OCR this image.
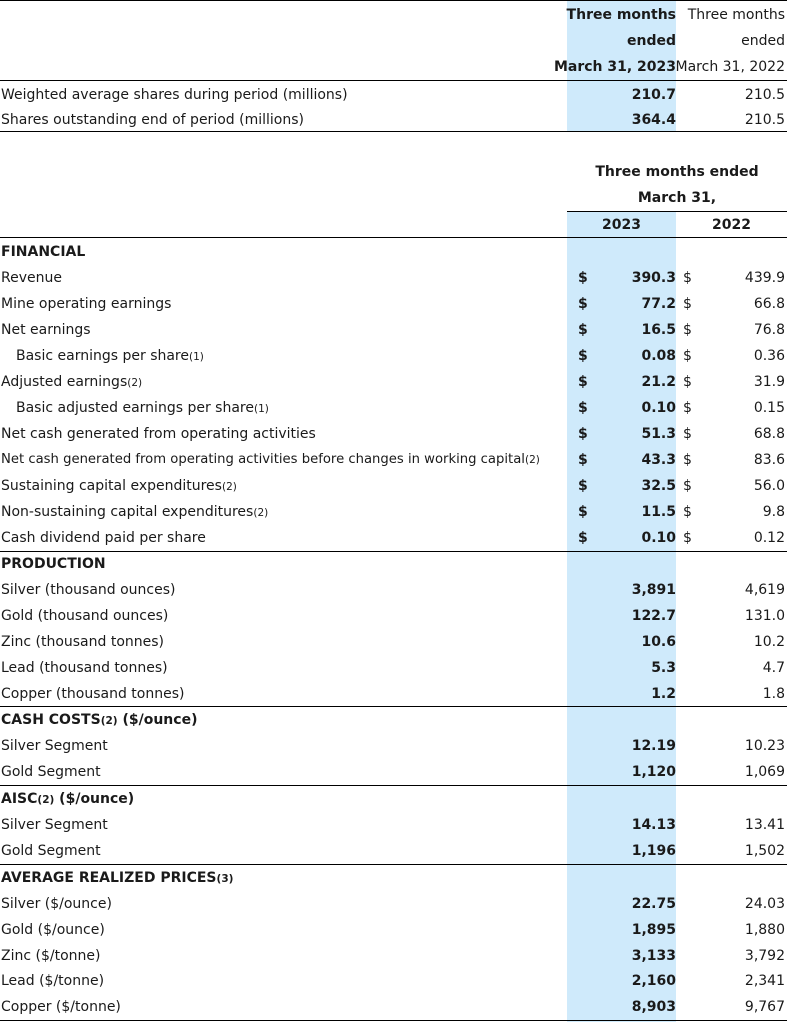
Three months
ended
March 31, 2023
Three months
ended
March 31, 2022
Weighted average shares during period (millions)	210.7	210.5
Shares outstanding end of period (millions)	364.4	210.5
Three months ended
March 31,
2023	2022
FINANCIAL
Revenue	$	390.3 $	439.9
Mine operating earnings	$	77.2 $	66.8
Net earnings	$	16.5 $	76.8
Basic earnings per share(1)	$	0.08 $	0.36
Adjusted earnings(2)	$	21.2 $	31.9
Basic adjusted earnings per share(1)	$	0.10 $	0.15
Net cash generated from operating activities	$	51.3 $	68.8
Net cash generated from operating activities before changes in working capital(2)	$	43.3 $	83.6
Sustaining capital expenditures(2)	$	32.5 $	56.0
Non-sustaining capital expenditures(2)	$	11.5 $	9.8
Cash dividend paid per share	$	0.10 $	0.12
PRODUCTION
Silver (thousand ounces)	3,891	4,619
Gold (thousand ounces)	122.7	131.0
Zinc (thousand tonnes)	10.6	10.2
Lead (thousand tonnes)	5.3	4.7
Copper (thousand tonnes)	1.2	1.8
CASH COSTS(2) ($/ounce)
Silver Segment	12.19	10.23
Gold Segment	1,120	1,069
AISC(2) ($/ounce)
Silver Segment	14.13	13.41
Gold Segment	1,196	1,502
AVERAGE REALIZED PRICES(3)
Silver ($/ounce)	22.75	24.03
Gold ($/ounce)	1,895	1,880
Zinc ($/tonne)	3,133	3,792
Lead ($/tonne)	2,160	2,341
Copper ($/tonne)	8,903	9,767
